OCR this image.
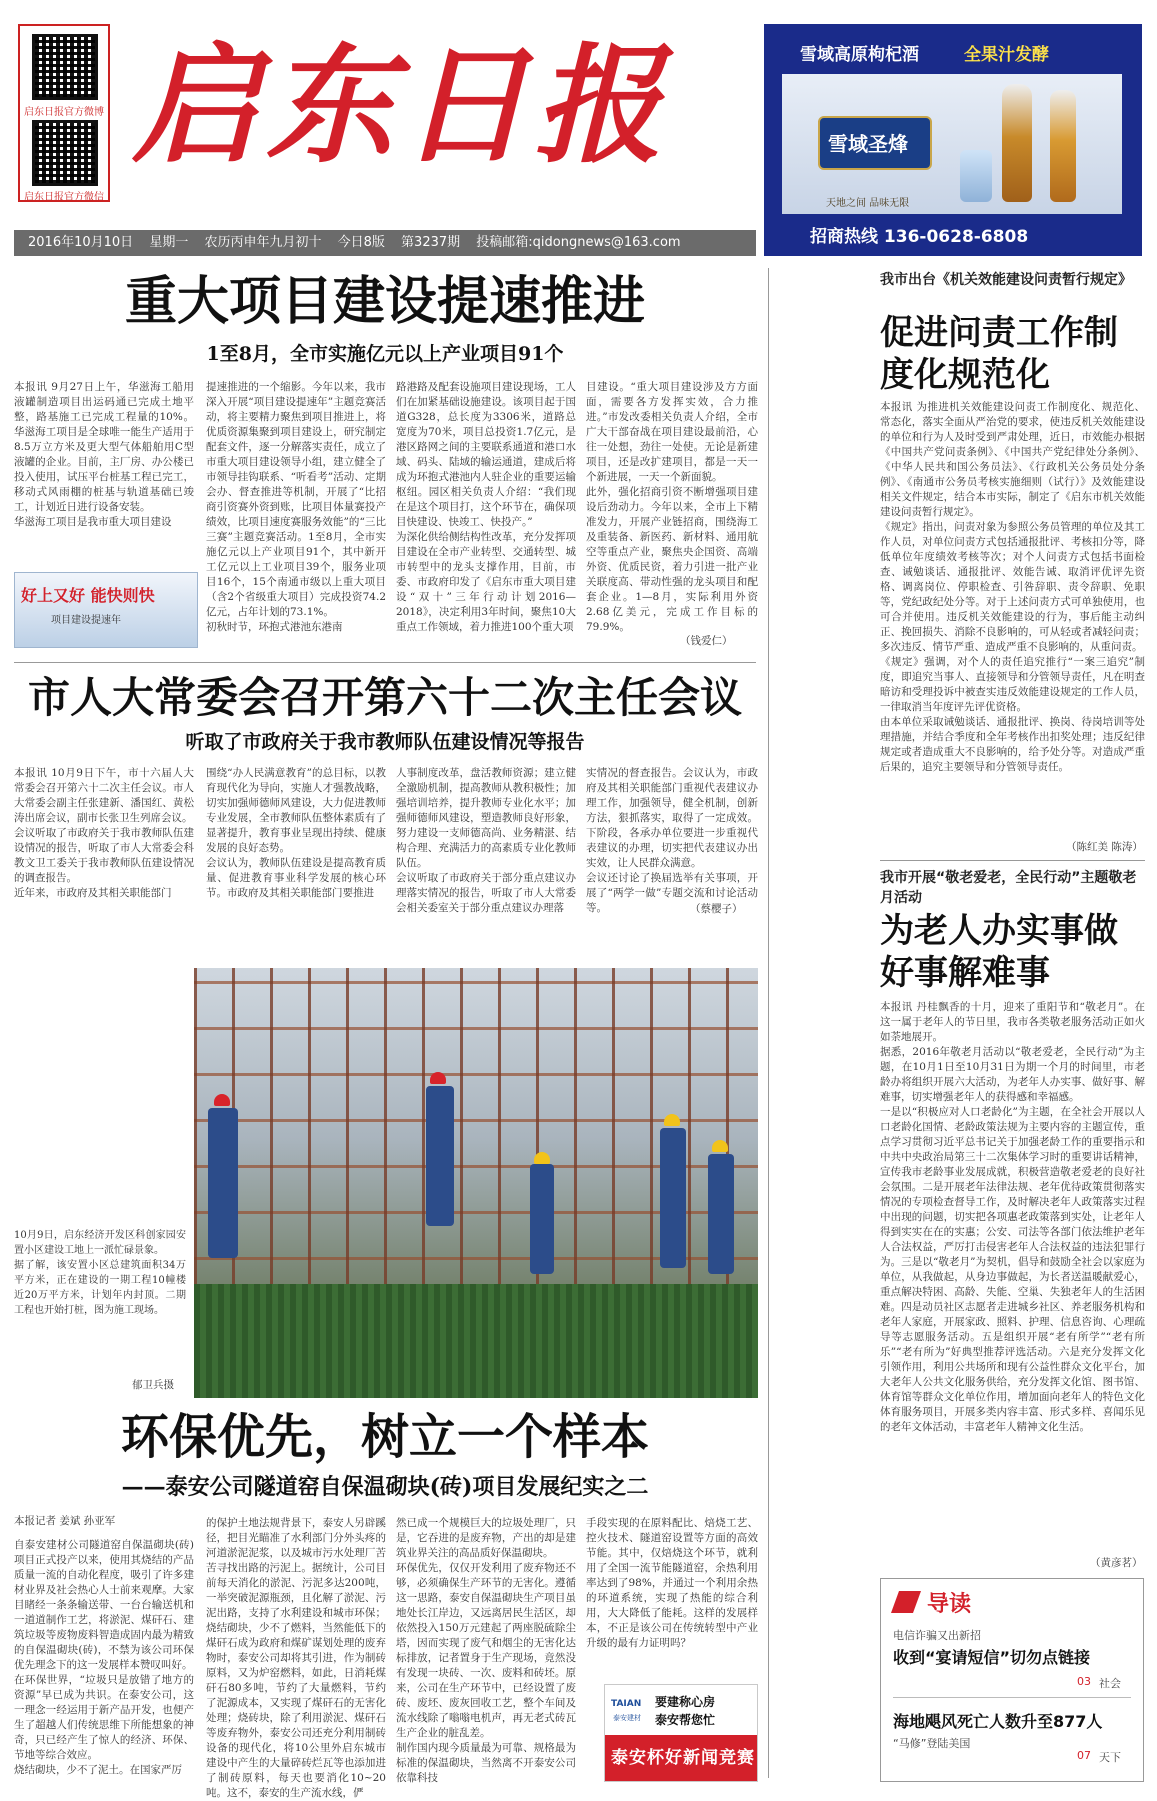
启东日报官方微博
启东日报官方微信
启东日报
2016年10月10日 星期一 农历丙申年九月初十 今日8版 第3237期 投稿邮箱:qidongnews@163.com
雪域高原枸杞酒	全果汁发酵
雪域圣烽
天地之间 品味无限
招商热线 136-0628-6808
重大项目建设提速推进
1至8月，全市实施亿元以上产业项目91个
本报讯 9月27日上午，华滋海工船用液罐制造项目出运码通已完成土地平整，路基施工已完成工程量的10%。华滋海工项目是全球唯一能生产适用于8.5万立方米及更大型气体船舶用C型液罐的企业。目前，主厂房、办公楼已投入使用，试压平台桩基工程已完工，移动式风雨棚的桩基与轨道基础已竣工，计划近日进行设备安装。
华滋海工项目是我市重大项目建设
好上又好 能快则快
项目建设提速年
提速推进的一个缩影。今年以来，我市深入开展“项目建设提速年”主题竞赛活动，将主要精力聚焦到项目推进上，将优质资源集聚到项目建设上，研究制定配套文件，逐一分解落实责任，成立了市重大项目建设领导小组，建立健全了市领导挂钩联系、“听看考”活动、定期会办、督查推进等机制，开展了“比招商引资赛外资到账，比项目体量赛投产绩效，比项目速度赛服务效能”的“三比三赛”主题竞赛活动。1至8月，全市实施亿元以上产业项目91个，其中新开工亿元以上工业项目39个，服务业项目16个，15个南通市级以上重大项目（含2个省级重大项目）完成投资74.2亿元，占年计划的73.1%。
初秋时节，环抱式港池东港南
路港路及配套设施项目建设现场，工人们在加紧基础设施建设。该项目起于国道G328，总长度为3306米，道路总宽度为70米，项目总投资1.7亿元，是港区路网之间的主要联系通道和港口水域、码头、陆域的输运通道，建成后将成为环抱式港池内人驻企业的重要运输枢纽。园区相关负责人介绍：“我们现在是这个项目打，这个环节在，确保项目快建设、快竣工、快投产。”
为深化供给侧结构性改革，充分发挥项目建设在全市产业转型、交通转型、城市转型中的龙头支撑作用，目前，市委、市政府印发了《启东市重大项目建设“双十”三年行动计划2016—2018》，决定利用3年时间，聚焦10大重点工作领域，着力推进100个重大项
目建设。“重大项目建设涉及方方面面，需要各方发挥实效，合力推进。”市发改委相关负责人介绍，全市广大干部奋战在项目建设最前沿，心往一处想，劲往一处使。无论是新建项目，还是改扩建项目，都是一天一个新进展，一天一个新面貌。
此外，强化招商引资不断增强项目建设后劲动力。今年以来，全市上下精准发力，开展产业链招商，围绕海工及重装备、新医药、新材料、通用航空等重点产业，聚焦央企国资、高端外资、优质民资，着力引进一批产业关联度高、带动性强的龙头项目和配套企业。1—8月，实际利用外资2.68亿美元，完成工作目标的79.9%。
（钱爱仁）
市人大常委会召开第六十二次主任会议
听取了市政府关于我市教师队伍建设情况等报告
本报讯 10月9日下午，市十六届人大常委会召开第六十二次主任会议。市人大常委会副主任张建新、潘国红、黄松涛出席会议，副市长张卫生列席会议。
会议听取了市政府关于我市教师队伍建设情况的报告，听取了市人大常委会科教文卫工委关于我市教师队伍建设情况的调查报告。
近年来，市政府及其相关职能部门
围绕“办人民满意教育”的总目标，以教育现代化为导向，实施人才强教战略，切实加强师德师风建设，大力促进教师专业发展，全市教师队伍整体素质有了显著提升，教育事业呈现出持续、健康发展的良好态势。
会议认为，教师队伍建设是提高教育质量、促进教育事业科学发展的核心环节。市政府及其相关职能部门要推进
人事制度改革，盘活教师资源；建立健全激励机制，提高教师从教积极性；加强培训培养，提升教师专业化水平；加强师德师风建设，塑造教师良好形象，努力建设一支师德高尚、业务精湛、结构合理、充满活力的高素质专业化教师队伍。
会议听取了市政府关于部分重点建议办理落实情况的报告，听取了市人大常委会相关委室关于部分重点建议办理落
实情况的督查报告。会议认为，市政府及其相关职能部门重视代表建议办理工作，加强领导，健全机制，创新方法，狠抓落实，取得了一定成效。下阶段，各承办单位要进一步重视代表建议的办理，切实把代表建议办出实效，让人民群众满意。
会议还讨论了换届选举有关事项，开展了“两学一做”专题交流和讨论活动等。	（蔡樱子）
10月9日，启东经济开发区科创家园安置小区建设工地上一派忙碌景象。
据了解，该安置小区总建筑面积34万平方米，正在建设的一期工程10幢楼近20万平方米，计划年内封顶。二期工程也开始打桩，图为施工现场。
郁卫兵摄
环保优先，树立一个样本
——泰安公司隧道窑自保温砌块(砖)项目发展纪实之二
本报记者 姜斌 孙亚军
自泰安建材公司隧道窑自保温砌块(砖)项目正式投产以来，使用其烧结的产品质量一流的自动化程度，吸引了许多建材业界及社会热心人士前来观摩。大家目睹经一条条输送带、一台台输送机和一道道制作工艺，将淤泥、煤矸石、建筑垃圾等废物废料智造成固内最为精致的自保温砌块(砖)，不禁为该公司环保优先理念下的这一发展样本赞叹叫好。
在环保世界，“垃圾只是放错了地方的资源”早已成为共识。在泰安公司，这一理念一经运用于新产品开发，也便产生了超越人们传统思维下所能想象的神奇，只已经产生了惊人的经济、环保、节地等综合效应。
烧结砌块，少不了泥土。在国家严厉
的保护土地法规背景下，泰安人另辟蹊径，把目光瞄准了水利部门分外头疼的河道淤泥泥浆，以及城市污水处理厂苦苦寻找出路的污泥上。据统计，公司目前每天消化的淤泥、污泥多达200吨，一举突破泥源瓶颈，且化解了淤泥、污泥出路，支持了水利建设和城市环保；烧结砌块，少不了燃料，当然能低下的煤矸石成为政府和煤矿谋划处理的废弃物时，泰安公司却将其引进，作为制砖原料，又为炉窑燃料，如此，日消耗煤矸石80多吨，节约了大量燃料，节约了泥源成本，又实现了煤矸石的无害化处理；烧砖块，除了利用淤泥、煤矸石等废弃物外，泰安公司还充分利用制砖设备的现代化，将10公里外启东城市建设中产生的大量碎砖烂瓦等也添加进了制砖原料，每天也要消化10~20吨。这不，泰安的生产流水线，俨
然已成一个规模巨大的垃圾处理厂，只是，它吞进的是废弃物，产出的却是建筑业界关注的高品质好保温砌块。
环保优先，仅仅开发利用了废弃物还不够，必须确保生产环节的无害化。遵循这一思路，泰安自保温砌块生产项目虽地处长江岸边，又远离居民生活区，却依然投入150万元建起了两座脱硫除尘塔，因而实现了废气和烟尘的无害化达标排放，记者置身于生产现场，竟然没有发现一块砖、一次、废料和砖坯。原来，公司在生产环节中，已经设置了废砖、废坯、废灰回收工艺，整个车间及流水线除了嗡嗡电机声，再无老式砖瓦生产企业的脏乱差。
制作国内现今质量最为可靠、规格最为标准的保温砌块，当然离不开泰安公司依靠科技
手段实现的在原料配比、焙烧工艺、控火技术、隧道窑设置等方面的高效节能。其中，仅焙烧这个环节，就利用了全国一流节能隧道窑，余热利用率达到了98%，并通过一个利用余热的环道系统，实现了热能的综合利用，大大降低了能耗。这样的发展样本，不正是该公司在传统转型中产业升级的最有力证明吗？
TAIAN
泰安建材
要建称心房
泰安帮您忙
泰安杯好新闻竞赛
我市出台《机关效能建设问责暂行规定》
促进问责工作制度化规范化
本报讯 为推进机关效能建设问责工作制度化、规范化、常态化，落实全面从严治党的要求，使违反机关效能建设的单位和行为人及时受到严肃处理，近日，市效能办根据《中国共产党问责条例》、《中国共产党纪律处分条例》、《中华人民共和国公务员法》、《行政机关公务员处分条例》、《南通市公务员考核实施细则（试行）》及效能建设相关文件规定，结合本市实际，制定了《启东市机关效能建设问责暂行规定》。
《规定》指出，问责对象为参照公务员管理的单位及其工作人员，对单位问责方式包括通报批评、考核扣分等，降低单位年度绩效考核等次；对个人问责方式包括书面检查、诫勉谈话、通报批评、效能告诫、取消评优评先资格、调离岗位、停职检查、引咎辞职、责令辞职、免职等，党纪政纪处分等。对于上述问责方式可单独使用，也可合并使用。违反机关效能建设的行为，事后能主动纠正、挽回损失、消除不良影响的，可从轻或者减轻问责；多次违反、情节严重、造成严重不良影响的，从重问责。
《规定》强调，对个人的责任追究推行“一案三追究”制度，即追究当事人、直接领导和分管领导责任，凡在明查暗访和受理投诉中被查实违反效能建设规定的工作人员，一律取消当年度评先评优资格。
由本单位采取诫勉谈话、通报批评、换岗、待岗培训等处理措施，并结合季度和全年考核作出扣奖处理；违反纪律规定或者造成重大不良影响的，给予处分等。对造成严重后果的，追究主要领导和分管领导责任。
（陈红美 陈涛）
我市开展“敬老爱老，全民行动”主题敬老月活动
为老人办实事做好事解难事
本报讯 丹桂飘香的十月，迎来了重阳节和“敬老月”。在这一属于老年人的节日里，我市各类敬老服务活动正如火如荼地展开。
据悉，2016年敬老月活动以“敬老爱老，全民行动”为主题，在10月1日至10月31日为期一个月的时间里，市老龄办将组织开展六大活动，为老年人办实事、做好事、解难事，切实增强老年人的获得感和幸福感。
一是以“积极应对人口老龄化”为主题，在全社会开展以人口老龄化国情、老龄政策法规为主要内容的主题宣传，重点学习贯彻习近平总书记关于加强老龄工作的重要指示和中共中央政治局第三十二次集体学习时的重要讲话精神，宣传我市老龄事业发展成就，积极营造敬老爱老的良好社会氛围。二是开展老年法律法规、老年优待政策贯彻落实情况的专项检查督导工作，及时解决老年人政策落实过程中出现的问题，切实把各项惠老政策落到实处，让老年人得到实实在在的实惠；公安、司法等各部门依法维护老年人合法权益，严厉打击侵害老年人合法权益的违法犯罪行为。三是以“敬老月”为契机，倡导和鼓励全社会以家庭为单位，从我做起，从身边事做起，为长者送温暖献爱心，重点解决特困、高龄、失能、空巢、失独老年人的生活困难。四是动员社区志愿者走进城乡社区、养老服务机构和老年人家庭，开展家政、照料、护理、信息咨询、心理疏导等志愿服务活动。五是组织开展“老有所学”“老有所乐”“老有所为”好典型推荐评选活动。六是充分发挥文化引领作用，利用公共场所和现有公益性群众文化平台，加大老年人公共文化服务供给，充分发挥文化馆、图书馆、体育馆等群众文化单位作用，增加面向老年人的特色文化体育服务项目，开展多类内容丰富、形式多样、喜闻乐见的老年文体活动，丰富老年人精神文化生活。
（黄彦茗）
导读
电信诈骗又出新招
收到“宴请短信”切勿点链接
03 社会
海地飓风死亡人数升至877人
“马修”登陆美国
07 天下
